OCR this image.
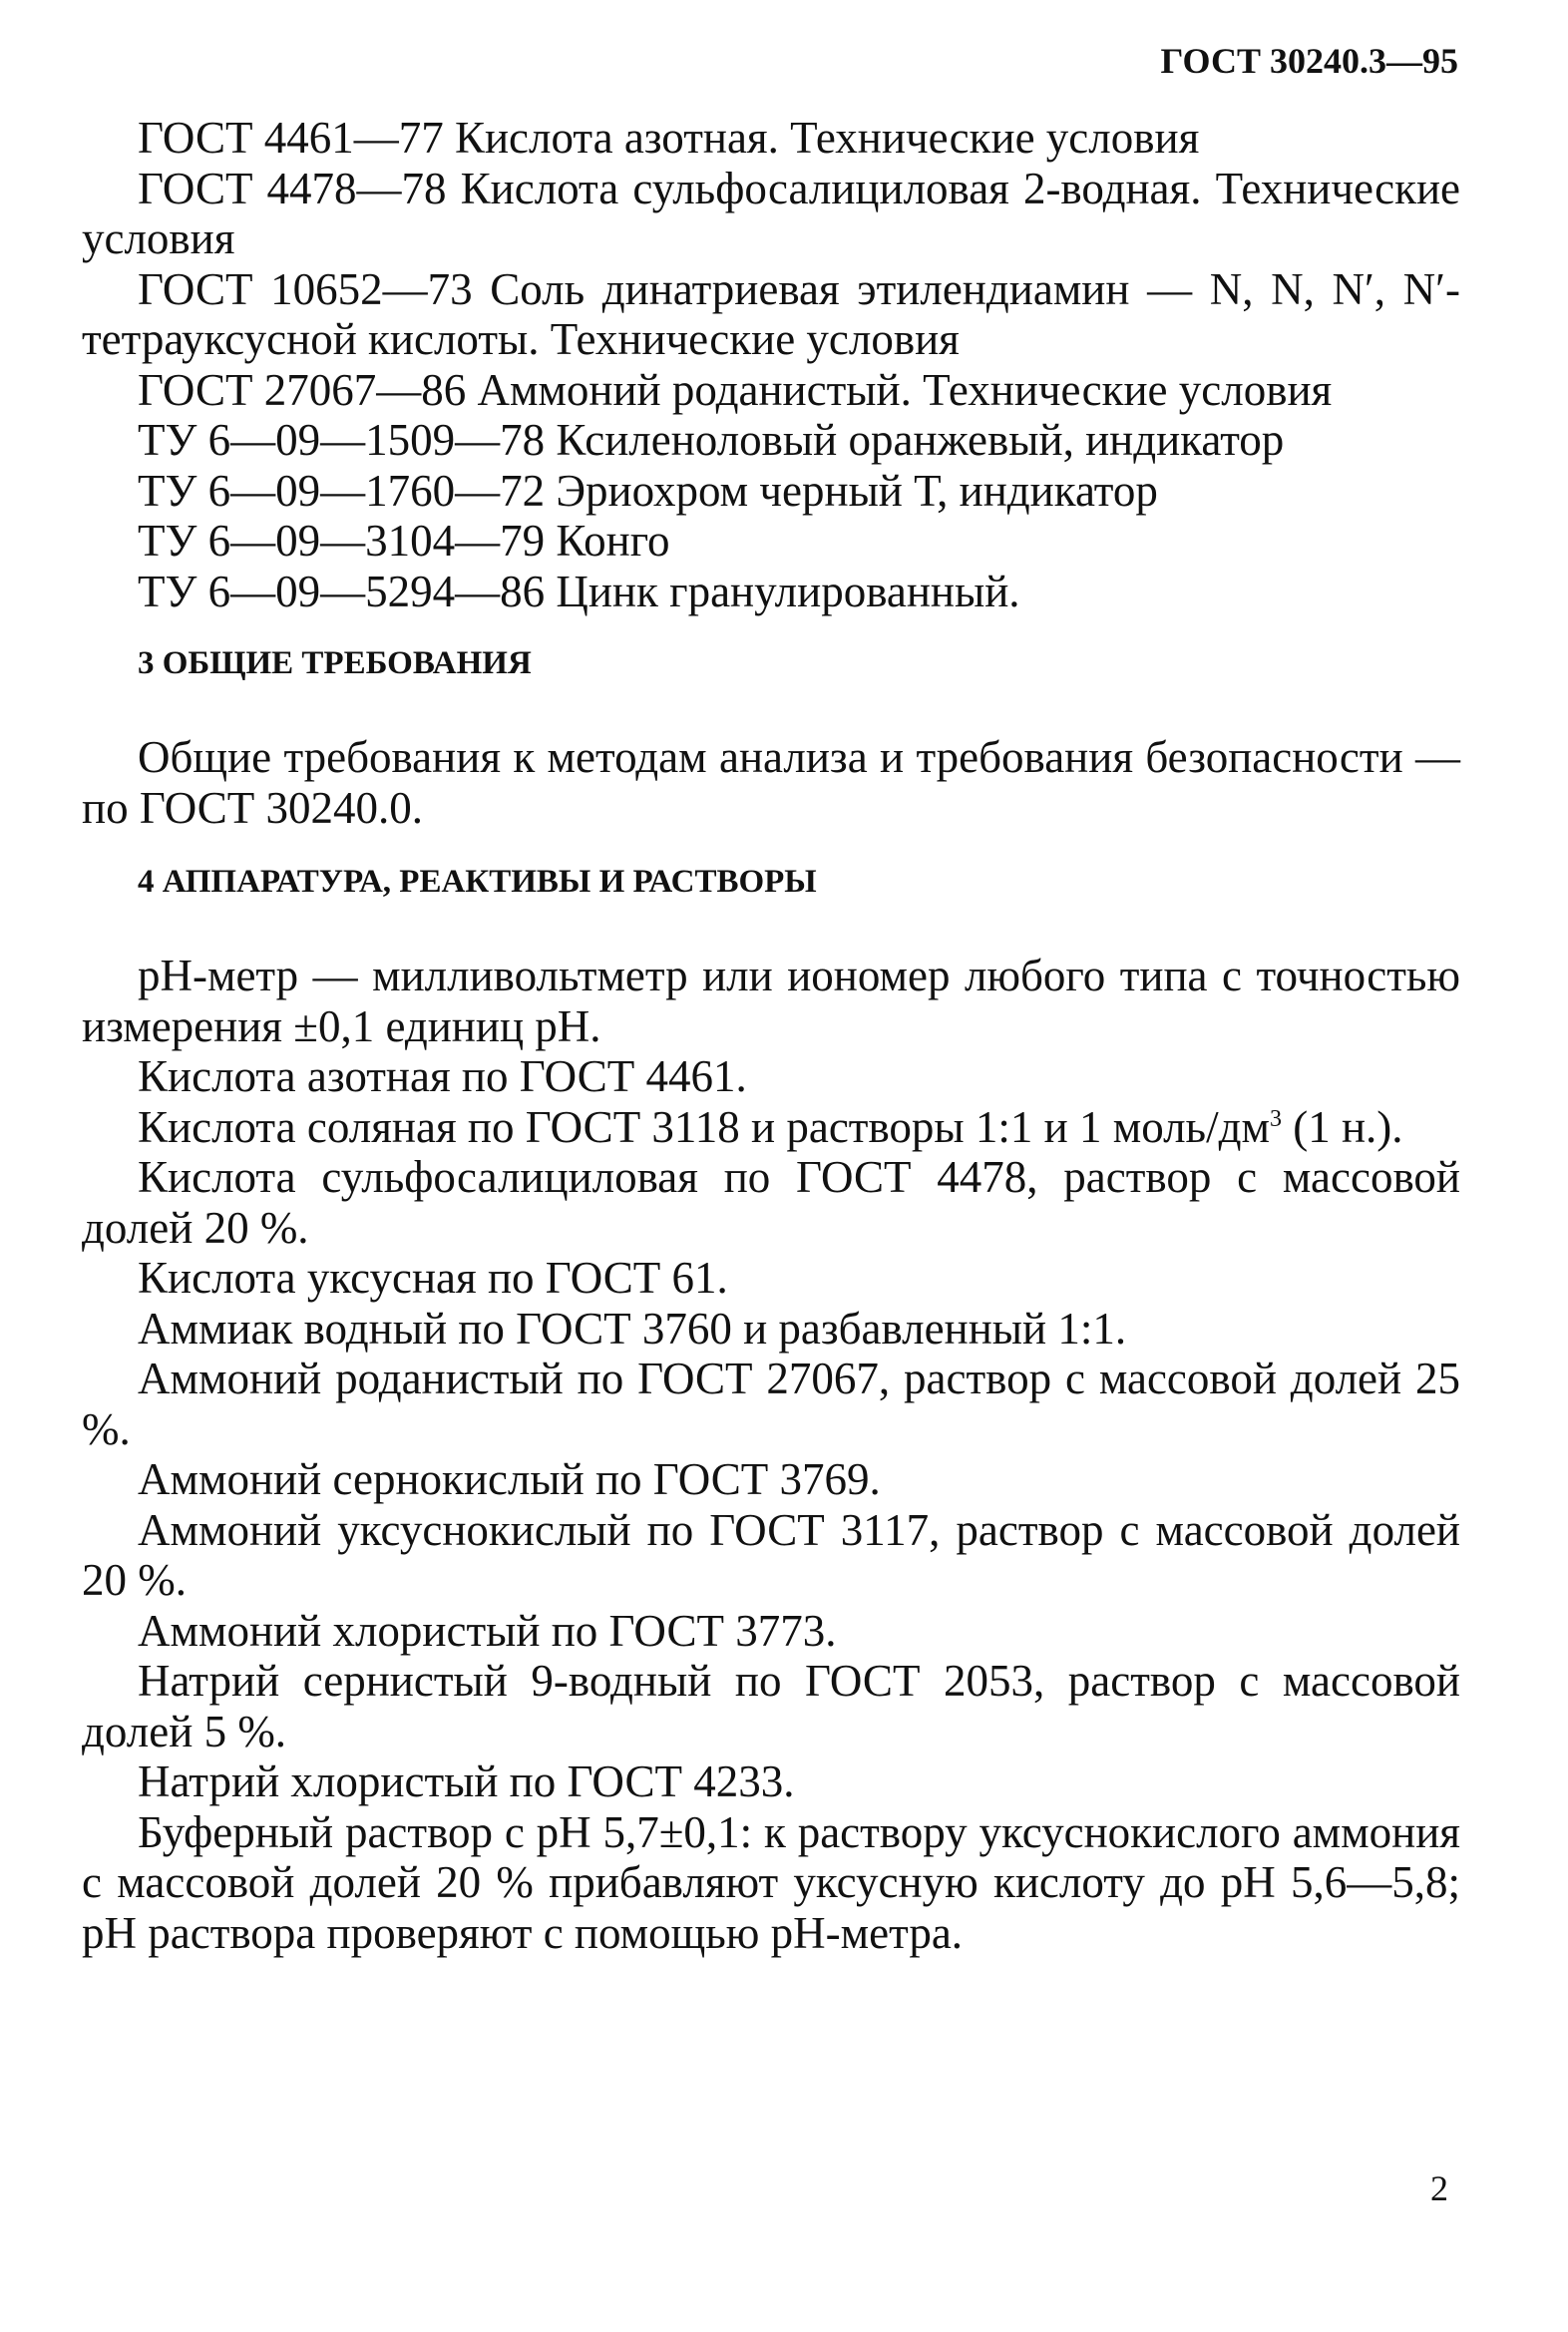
ГОСТ 30240.3—95

ГОСТ 4461—77 Кислота азотная. Технические условия

ГОСТ 4478—78 Кислота сульфосалициловая 2-водная. Технические условия

ГОСТ 10652—73 Соль динатриевая этилендиамин — N, N, N′, N′-тетрауксусной кислоты. Технические условия

ГОСТ 27067—86 Аммоний роданистый. Технические условия

ТУ 6—09—1509—78 Ксиленоловый оранжевый, индикатор

ТУ 6—09—1760—72 Эриохром черный Т, индикатор

ТУ 6—09—3104—79 Конго

ТУ 6—09—5294—86 Цинк гранулированный.

3 ОБЩИЕ ТРЕБОВАНИЯ

Общие требования к методам анализа и требования безопасности — по ГОСТ 30240.0.

4 АППАРАТУРА, РЕАКТИВЫ И РАСТВОРЫ

pH-метр — милливольтметр или иономер любого типа с точностью измерения ±0,1 единиц pH.

Кислота азотная по ГОСТ 4461.

Кислота соляная по ГОСТ 3118 и растворы 1:1 и 1 моль/$дм^3$ (1 н.).

Кислота сульфосалициловая по ГОСТ 4478, раствор с массовой долей 20 %.

Кислота уксусная по ГОСТ 61.

Аммиак водный по ГОСТ 3760 и разбавленный 1:1.

Аммоний роданистый по ГОСТ 27067, раствор с массовой долей 25 %.

Аммоний сернокислый по ГОСТ 3769.

Аммоний уксуснокислый по ГОСТ 3117, раствор с массовой долей 20 %.

Аммоний хлористый по ГОСТ 3773.

Натрий сернистый 9-водный по ГОСТ 2053, раствор с массовой долей 5 %.

Натрий хлористый по ГОСТ 4233.

Буферный раствор с pH 5,7±0,1: к раствору уксуснокислого аммония с массовой долей 20 % прибавляют уксусную кислоту до pH 5,6—5,8; pH раствора проверяют с помощью pH-метра.

2
